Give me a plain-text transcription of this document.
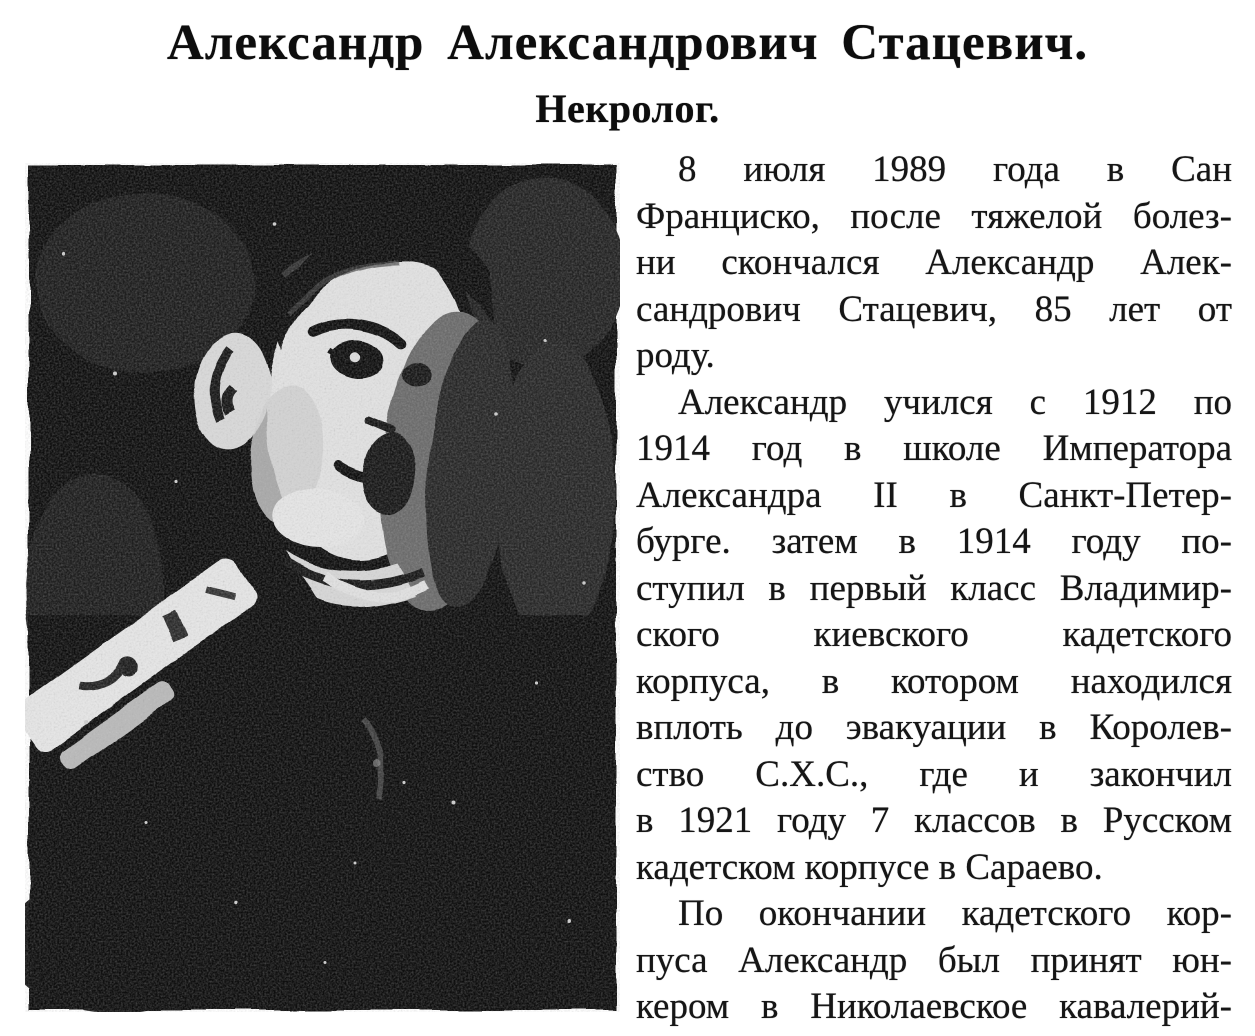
Александр Александрович Стацевич.
Некролог.
8 июля 1989 года в Сан
Франциско, после тяжелой болез-
ни скончался Александр Алек-
сандрович Стацевич, 85 лет от
роду.
Александр учился с 1912 по
1914 год в школе Императора
Александра II в Санкт-Петер-
бурге. затем в 1914 году по-
ступил в первый класс Владимир-
ского киевского кадетского
корпуса, в котором находился
вплоть до эвакуации в Королев-
ство С.Х.С., где и закончил
в 1921 году 7 классов в Русском
кадетском корпусе в Сараево.
По окончании кадетского кор-
пуса Александр был принят юн-
кером в Николаевское кавалерий-
